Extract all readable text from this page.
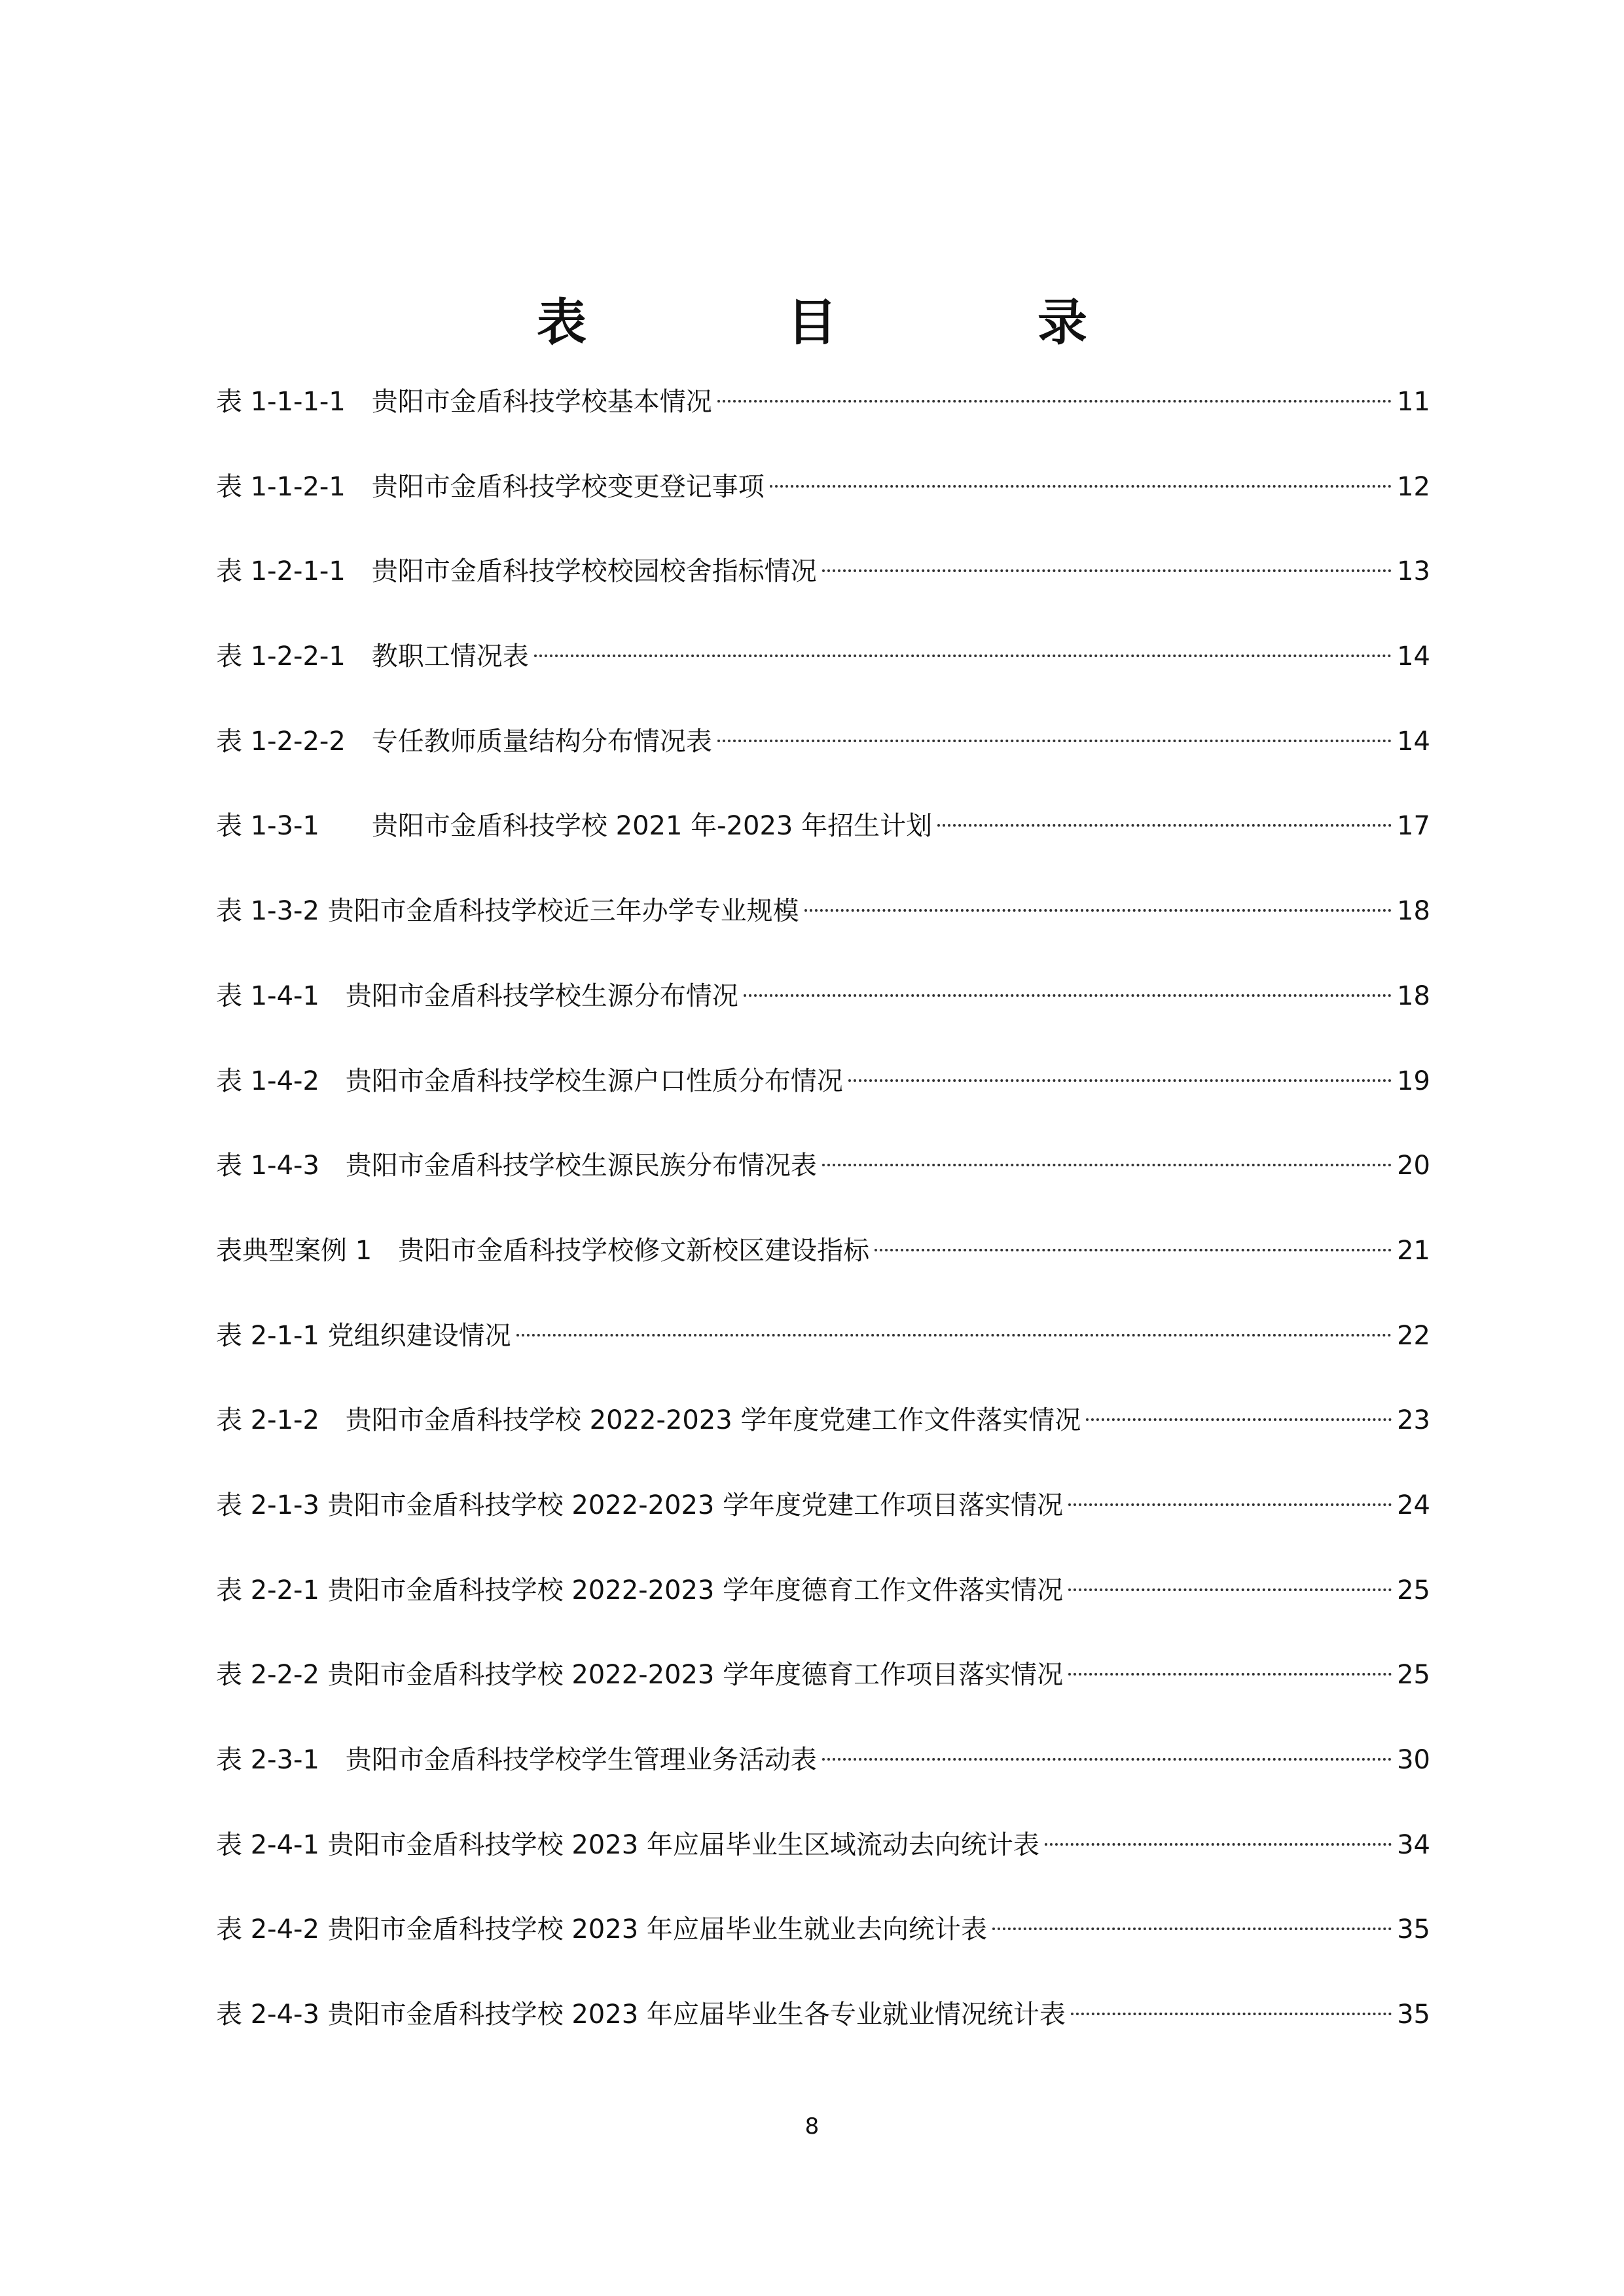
表 目 录
表 1-1-1-1　贵阳市金盾科技学校基本情况	11
表 1-1-2-1　贵阳市金盾科技学校变更登记事项	12
表 1-2-1-1　贵阳市金盾科技学校校园校舍指标情况	13
表 1-2-2-1　教职工情况表	14
表 1-2-2-2　专任教师质量结构分布情况表	14
表 1-3-1　　贵阳市金盾科技学校 2021 年-2023 年招生计划	17
表 1-3-2 贵阳市金盾科技学校近三年办学专业规模	18
表 1-4-1　贵阳市金盾科技学校生源分布情况	18
表 1-4-2　贵阳市金盾科技学校生源户口性质分布情况	19
表 1-4-3　贵阳市金盾科技学校生源民族分布情况表	20
表典型案例 1　贵阳市金盾科技学校修文新校区建设指标	21
表 2-1-1 党组织建设情况	22
表 2-1-2　贵阳市金盾科技学校 2022-2023 学年度党建工作文件落实情况	23
表 2-1-3 贵阳市金盾科技学校 2022-2023 学年度党建工作项目落实情况	24
表 2-2-1 贵阳市金盾科技学校 2022-2023 学年度德育工作文件落实情况	25
表 2-2-2 贵阳市金盾科技学校 2022-2023 学年度德育工作项目落实情况	25
表 2-3-1　贵阳市金盾科技学校学生管理业务活动表	30
表 2-4-1 贵阳市金盾科技学校 2023 年应届毕业生区域流动去向统计表	34
表 2-4-2 贵阳市金盾科技学校 2023 年应届毕业生就业去向统计表	35
表 2-4-3 贵阳市金盾科技学校 2023 年应届毕业生各专业就业情况统计表	35
8
